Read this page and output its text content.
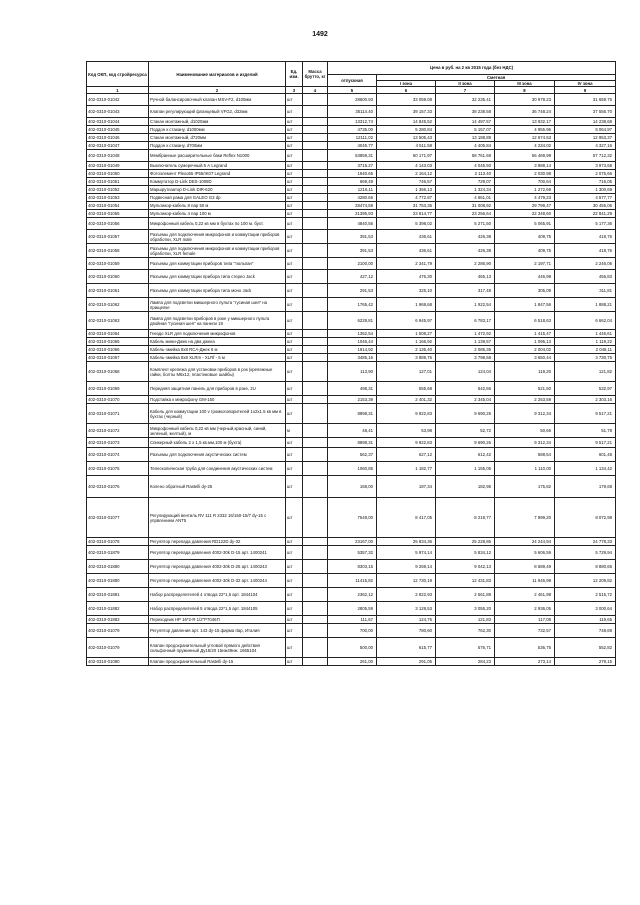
1492
Код ОКП, код стройресурса	Наименование материалов и изделий	Ед. изм.	Масса брутто, кг	Цена в руб. на 2 кв 2015 года (без НДС)				
				отпускная	Сметная			
					I зона	II зона	III зона	IV зона
1	2	3	4	5	6	7	8	9
402-0310-01042	Ручной балансировочный клапан MSV-F2, d100мм	шт		28600.93	33 059.08	32 235.41	30 978.23	31 659.75
402-0310-01043	Клапан регулирующий фланцевый VFG2, d32мм	шт		35114.40	39 157.33	38 238.58	36 748.24	37 556.70
402-0310-01044	Стакан монтажный, d1020мм	шт		13312,74	14 845,52	14 497.57	13 932.17	14 238,68
402-0310-01045	Поддон к стакану, d1000мм	шт		4735.00	5 280,84	5 157,07	4 955.96	5 064,97
402-0310-01046	Стакан монтажный, d720мм	шт		12111,02	13 505,43	13 188,89	12 674.53	12 953,37
402-0310-01047	Поддон к стакану, d700мм	шт		4045.77	4 511.58	4 405.84	4 234.02	4 327,16
402-0310-01048	Мембранные расширительные баки Reflex N1000	шт		53859,31	60 171,97	58 761.69	56 469,99	57 712,32
402-0310-01049	Выключатель сумеречный 5 А Legrand	шт		3715.27	4 143.03	4 045.93	3 888,14	3 973,68
402-0310-01050	Фотоэлемент Plexo55 IP55/IK07 Legrand	шт		1940.65	2 164,12	2 113.40	2 030.98	2 075,66
402-0310-01051	Коммутатор D-Link DES-1008D	шт		669,49	746,57	729,07	700,64	716,05
402-0310-01052	Маршрутизатор D-Link DIR-620	шт		1216,11	1 356,13	1 324,34	1 272,69	1 300,69
402-0310-01053	Подвесная рама для GALEO G3 dp	шт		4280.66	4 772.87	4 661,01	4 479,23	4 577,77
402-0310-01054	Мультикор-кабель 8 пар 50 м	шт		28474,59	31 753,35	31 008,92	29 799,47	30 455,06
402-0310-01055	Мультикор-кабель 4 пар 100 м	шт		21395,93	23 814,77	23 256,64	22 349,60	22 841,29
402-0310-01056	Микрофонный кабель 0,22 кв мм в бухтах по 100 м. бухт.	шт		4840,56	5 398,02	5 271,50	5 065,91	5 177,36
402-0310-01057	Разъемы для подключения микрофонов и коммутации приборов обработки, XLR male	шт		391,53	436,61	426,38	409,75	418,76
402-0310-01058	Разъемы для подключения микрофонов и коммутации приборов обработки, XLR female	шт		391,53	436,61	426,38	409,75	418,76
402-0310-01059	Разъемы для коммутации приборов типа "тюльпан"	шт		2100,00	2 341,79	2 286,90	2 197,71	2 246,06
402-0310-01060	Разъемы для коммутации прибора типа стерео Jack	шт		427,12	476,30	465,13	446,99	456,83
402-0310-01061	Разъемы для коммутации прибора типа моно Jack	шт		291,53	325,10	317,48	305,09	311,81
402-0310-01062	Лампа для подсветки микшерного пульта "гусиная шея" на прищепке	шт		1765,42	1 968,68	1 922,54	1 847,56	1 888,21
402-0310-01063	Лампа для подсветки приборов в рэке у микшерного пульта двойная "гусиная шея" на панели 19	шт		6228,81	6 945,97	6 783,17	6 518,63	6 662,04
402-0310-01064	Гнездо XLR для подключения микрофонов	шт		1352,54	1 508,27	1 472,92	1 415,47	1 446,61
402-0310-01065	Кабель мини-Джек на два джека	шт		1046,44	1 166,92	1 139,57	1 095,13	1 119,22
402-0310-01066	Кабель-змейка 8х8 RCA-Джек 6 м	шт		1914,92	2 135,40	2 085,35	2 004,02	2 048,11
402-0310-01067	Кабель-змейка 8х8 XLRm - XLRf - 6 м	шт		3485,16	3 889,75	3 798,58	3 650,44	3 730,75
402-0310-01068	Комплект крепежа для установки приборов в рэк (крепежные гайки, болты М6х12, пластиковые шайбы)	шт		113,90	127,01	124,04	119,20	121,82
402-0310-01069	Передняя защитная панель для приборов в рэке, 2U	шт		498,31	555,68	542,66	521,50	532,97
402-0310-01070	Подставка к микрофону GM-150	шт		2153,39	2 401,32	2 345,04	2 253,59	2 303,16
402-0310-01071	Кабель для коммутации 100 v громкоговорителей 1х2х1.5 кв мм в бухтах (черный)	шт		8898,31	9 922,83	9 690,26	9 312,34	9 517,21
402-0310-01072	Микрофонный кабель 0,22 кв мм (черный,красный, синий, зеленый, желтый), м	м		48,41	53,98	52,72	50,66	51,78
402-0310-01073	Спикерный кабель 2 х 1,5 кв.мм,100 м (бухта)	шт		8898,31	9 922,83	9 690,26	9 312,34	9 517,21
402-0310-01074	Разъемы для подключения акустических систем	шт		562,37	627,12	612,42	588,54	601,48
402-0310-01075	Телескопическая труба для соединения акустических систем	шт		1060,85	1 182,77	1 155,05	1 110,00	1 134,42
402-0310-01076	Колено обратный Rastelli dy-25	шт		168,00	187,34	182,95	175,82	179,68
402-0310-01077	Регулирующий вентиль RV 111 R 2332 16/150-15/7 dy-15 с упрвлением ANT5	шт		7548,00	8 417,05	8 219,77	7 899,20	8 072,98
402-0310-01078	Регулятор перепада давления RD122D dy-32	шт		23167,00	25 834,36	25 228,86	24 244,94	24 778,33
402-0310-01879	Регулятор перепада давления 4002-30k D-15 арт. 1400241	шт		5357,32	5 974,14	5 834,12	5 606,59	5 729,94
402-0310-01880	Регулятор перепада давления 4002-30k D-25 арт. 1400243	шт		8303,15	9 259,14	9 042,13	8 689,49	8 880,66
402-0310-01880	Регулятор перепада давления 4002-30k D-32 арт. 1400244	шт		11415,82	12 730,19	12 431,83	11 946,99	12 209,82
402-0310-01881	Набор распределителей 4 отвода 22*1,5 арт. 1844104	шт		2362,12	2 822,93	2 561,88	2 461,98	2 515,72
402-0310-01882	Набор распределителей 5 отвода 22*1,5 арт. 1844105	шт		2805,59	3 128,53	3 055,20	2 936,05	3 000,64
402-0310-01883	Переходник НР 16*2-R 1/2"Р7046П	шт		111,67	124,75	121,83	117,08	119,65
402-0310-01079	Регулятор давления арт. 143 dy-15 фирма Itap, Италия	шт		700,00	780,60	762,30	732,57	748,69
402-0310-01079	Клапан предохранительный угловой прямого действия сильфонный пружинный Ду15/20 15нж49нж. 1655104	шт		500,00	615,77	576,71	536,75	552,82
402-0310-01080	Клапан предохранительный Rastelli dy-15	шт		261,00	291,05	284,23	273,14	279,15
